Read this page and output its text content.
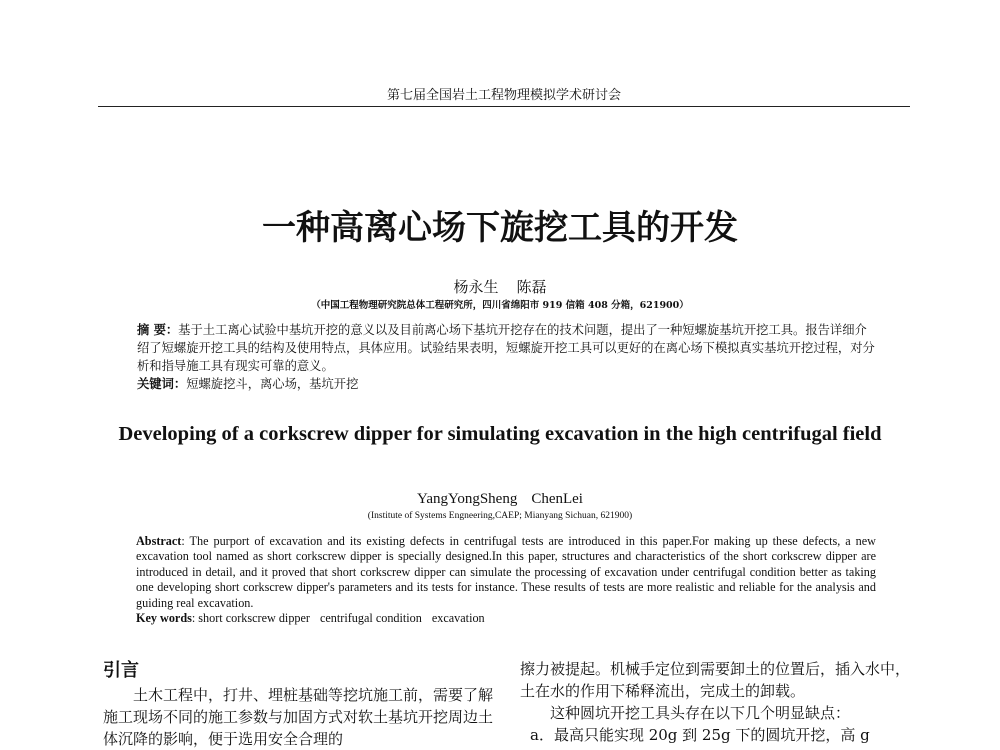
第七届全国岩土工程物理模拟学术研讨会
一种高离心场下旋挖工具的开发
杨永生 陈磊
（中国工程物理研究院总体工程研究所，四川省绵阳市 919 信箱 408 分箱，621900）

摘 要：基于土工离心试验中基坑开挖的意义以及目前离心场下基坑开挖存在的技术问题，提出了一种短螺旋基坑开挖工具。报告详细介绍了短螺旋开挖工具的结构及使用特点，具体应用。试验结果表明，短螺旋开挖工具可以更好的在离心场下模拟真实基坑开挖过程，对分析和指导施工具有现实可靠的意义。

关键词：短螺旋挖斗，离心场，基坑开挖

Developing of a corkscrew dipper for simulating excavation in the high centrifugal field
YangYongSheng ChenLei
(Institute of Systems Engneering,CAEP; Mianyang Sichuan, 621900)

Abstract: The purport of excavation and its existing defects in centrifugal tests are introduced in this paper.For making up these defects, a new excavation tool named as short corkscrew dipper is specially designed.In this paper, structures and characteristics of the short corkscrew dipper are introduced in detail, and it proved that short corkscrew dipper can simulate the processing of excavation under centrifugal condition better as taking one developing short corkscrew dipper's parameters and its tests for instance. These results of tests are more realistic and reliable for the analysis and guiding real excavation.

Key words: short corkscrew dipper centrifugal condition excavation

引言

土木工程中，打井、埋桩基础等挖坑施工前，需要了解施工现场不同的施工参数与加固方式对软土基坑开挖周边土体沉降的影响，便于选用安全合理的

擦力被提起。机械手定位到需要卸土的位置后，插入水中，土在水的作用下稀释流出，完成土的卸载。

这种圆坑开挖工具头存在以下几个明显缺点：

a．最高只能实现 20g 到 25g 下的圆坑开挖，高 g
